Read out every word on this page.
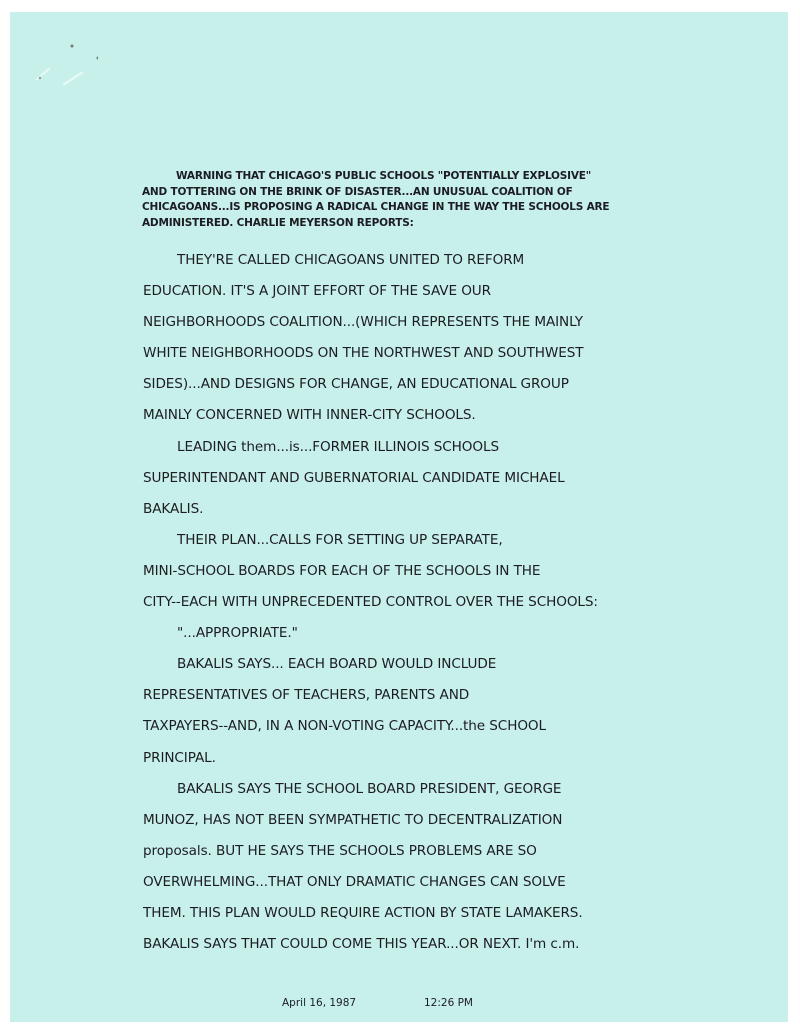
WARNING THAT CHICAGO'S PUBLIC SCHOOLS "POTENTIALLY EXPLOSIVE" AND TOTTERING ON THE BRINK OF DISASTER...AN UNUSUAL COALITION OF CHICAGOANS...IS PROPOSING A RADICAL CHANGE IN THE WAY THE SCHOOLS ARE ADMINISTERED. CHARLIE MEYERSON REPORTS:

THEY'RE CALLED CHICAGOANS UNITED TO REFORM
EDUCATION. IT'S A JOINT EFFORT OF THE SAVE OUR
NEIGHBORHOODS COALITION...(WHICH REPRESENTS THE MAINLY
WHITE NEIGHBORHOODS ON THE NORTHWEST AND SOUTHWEST
SIDES)...AND DESIGNS FOR CHANGE, AN EDUCATIONAL GROUP
MAINLY CONCERNED WITH INNER-CITY SCHOOLS.
LEADING them...is...FORMER ILLINOIS SCHOOLS
SUPERINTENDANT AND GUBERNATORIAL CANDIDATE MICHAEL
BAKALIS.
THEIR PLAN...CALLS FOR SETTING UP SEPARATE,
MINI-SCHOOL BOARDS FOR EACH OF THE SCHOOLS IN THE
CITY--EACH WITH UNPRECEDENTED CONTROL OVER THE SCHOOLS:
"...APPROPRIATE."
BAKALIS SAYS... EACH BOARD WOULD INCLUDE
REPRESENTATIVES OF TEACHERS, PARENTS AND
TAXPAYERS--AND, IN A NON-VOTING CAPACITY...the SCHOOL
PRINCIPAL.
BAKALIS SAYS THE SCHOOL BOARD PRESIDENT, GEORGE
MUNOZ, HAS NOT BEEN SYMPATHETIC TO DECENTRALIZATION
proposals. BUT HE SAYS THE SCHOOLS PROBLEMS ARE SO
OVERWHELMING...THAT ONLY DRAMATIC CHANGES CAN SOLVE
THEM. THIS PLAN WOULD REQUIRE ACTION BY STATE LAMAKERS.
BAKALIS SAYS THAT COULD COME THIS YEAR...OR NEXT. I'm c.m.
April 16, 1987	12:26 PM
